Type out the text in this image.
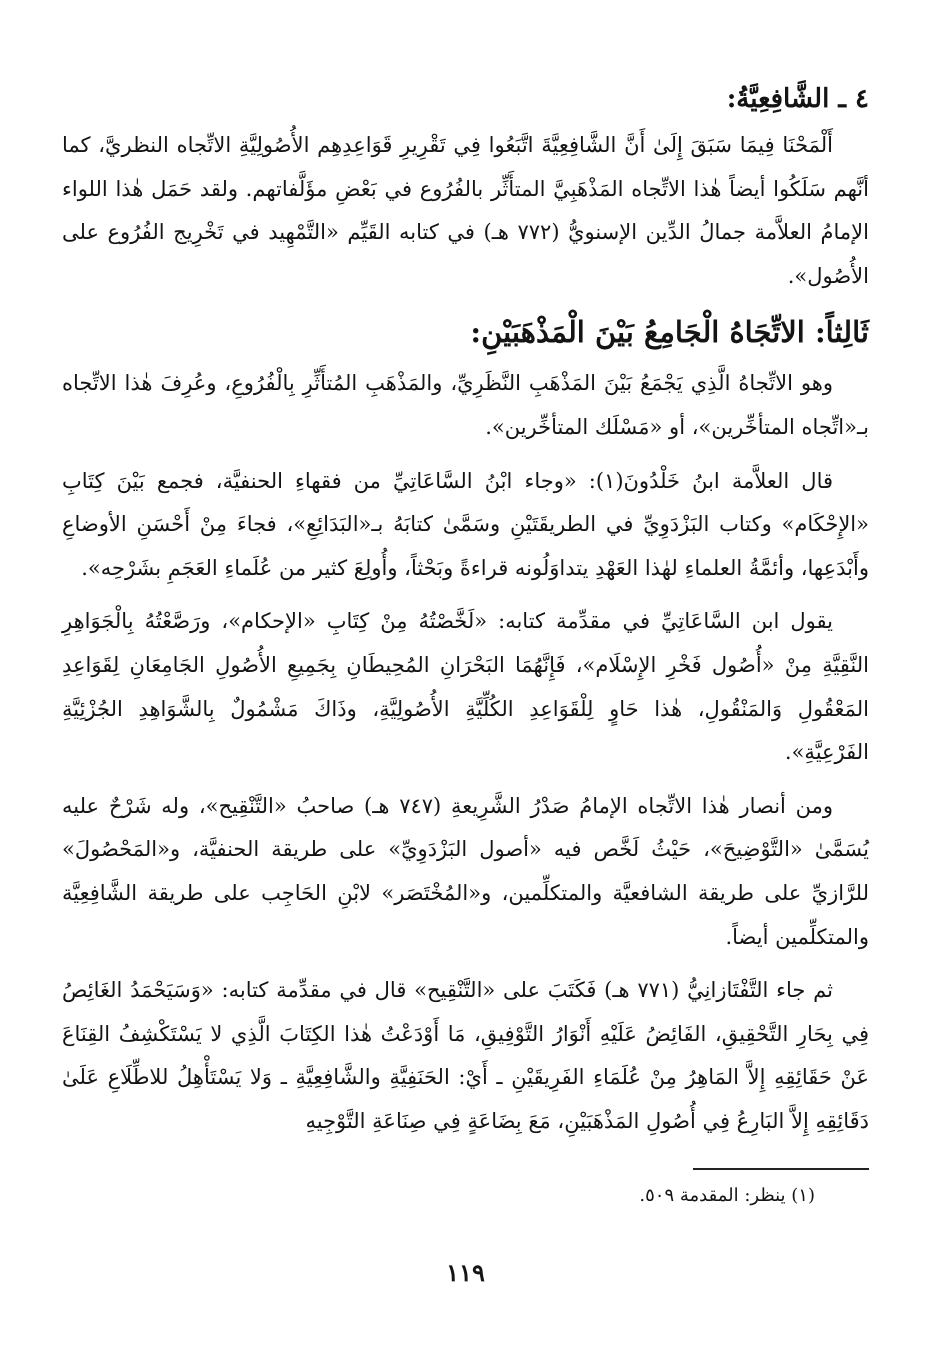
٤ ـ الشَّافِعِيَّةُ:

أَلْمَحْنَا فِيمَا سَبَقَ إِلَىٰ أَنَّ الشَّافِعِيَّةَ اتَّبَعُوا فِي تَقْرِيرِ قَوَاعِدِهِم الأُصُولِيَّةِ الاتِّجاه النظريَّ، كما أنَّهم سَلَكُوا أيضاً هٰذا الاتِّجاه المَذْهَبِيَّ المتأَثِّر بالفُرُوع في بَعْضِ مؤَلَّفاتهم. ولقد حَمَل هٰذا اللواء الإمامُ العلاَّمة جمالُ الدِّين الإسنويُّ (٧٧٢ هـ) في كتابه القَيِّم «التَّمْهِيد في تَخْرِيج الفُرُوع على الأُصُول».

ثَالِثاً: الاتِّجَاهُ الْجَامِعُ بَيْنَ الْمَذْهَبَيْنِ:

وهو الاتِّجاهُ الَّذِي يَجْمَعُ بَيْنَ المَذْهَبِ النَّظَرِيِّ، والمَذْهَبِ المُتأَثِّرِ بِالْفُرُوعِ، وعُرِفَ هٰذا الاتِّجاه بـ«اتِّجاه المتأخِّرين»، أو «مَسْلَك المتأخِّرين».

قال العلاَّمة ابنُ خَلْدُونَ(١): «وجاء ابْنُ السَّاعَاتِيِّ من فقهاءِ الحنفيَّة، فجمع بَيْنَ كِتَابِ «الإِحْكَام» وكتاب البَزْدَوِيِّ في الطريقَتَيْنِ وسَمَّىٰ كتابَهُ بـ«البَدَائِعِ»، فجاءَ مِنْ أَحْسَنِ الأوضاعِ وأَبْدَعِها، وأئمَّةُ العلماءِ لهٰذا العَهْدِ يتداوَلُونه قراءةً وبَحْثاً، وأُولِعَ كثير من عُلَماءِ العَجَمِ بشَرْحِه».

يقول ابن السَّاعَاتِيِّ في مقدِّمة كتابه: «لَخَّصْتُهُ مِنْ كِتَابِ «الإحكام»، ورَصَّعْتُهُ بِالْجَوَاهِرِ النَّقِيَّةِ مِنْ «أُصُول فَخْرِ الإِسْلَام»، فَإِنَّهُمَا البَحْرَانِ المُحِيطَانِ بِجَمِيعِ الأُصُولِ الجَامِعَانِ لِقَوَاعِدِ المَعْقُولِ وَالمَنْقُولِ، هٰذا حَاوٍ لِلْقَوَاعِدِ الكُلِّيَّةِ الأُصُولِيَّةِ، وذَاكَ مَشْمُولٌ بِالشَّوَاهِدِ الجُزْئِيَّةِ الفَرْعِيَّةِ».

ومن أنصار هٰذا الاتِّجاه الإمامُ صَدْرُ الشَّرِيعةِ (٧٤٧ هـ) صاحبُ «التَّنْقِيح»، وله شَرْحٌ عليه يُسَمَّىٰ «التَّوْضِيحَ»، حَيْثُ لَخَّص فيه «أصول البَزْدَوِيِّ» على طريقة الحنفيَّة، و«المَحْصُولَ» للرَّازيِّ على طريقة الشافعيَّة والمتكلِّمين، و«المُخْتَصَر» لابْنِ الحَاجِب على طريقة الشَّافِعِيَّة والمتكلِّمين أيضاً.

ثم جاء التَّفْتَازانِيُّ (٧٧١ هـ) فَكَتَبَ على «التَّنْقِيح» قال في مقدِّمة كتابه: «وَسَيَحْمَدُ الغَائِصُ فِي بِحَارِ التَّحْقِيقِ، الفَائِضُ عَلَيْهِ أَنْوَارُ التَّوْفِيقِ، مَا أَوْدَعْتُ هٰذا الكِتَابَ الَّذِي لا يَسْتَكْشِفُ القِنَاعَ عَنْ حَقَائِقِهِ إِلاَّ المَاهِرُ مِنْ عُلَمَاءِ الفَرِيقَيْنِ ـ أَيْ: الحَنَفِيَّةِ والشَّافِعِيَّةِ ـ وَلا يَسْتَأْهِلُ للاطِّلَاعِ عَلَىٰ دَقَائِقِهِ إِلاَّ البَارِعُ فِي أُصُولِ المَذْهَبَيْنِ، مَعَ بِضَاعَةٍ فِي صِنَاعَةِ التَّوْجِيهِ

(١) ينظر: المقدمة ٥٠٩.
١١٩
